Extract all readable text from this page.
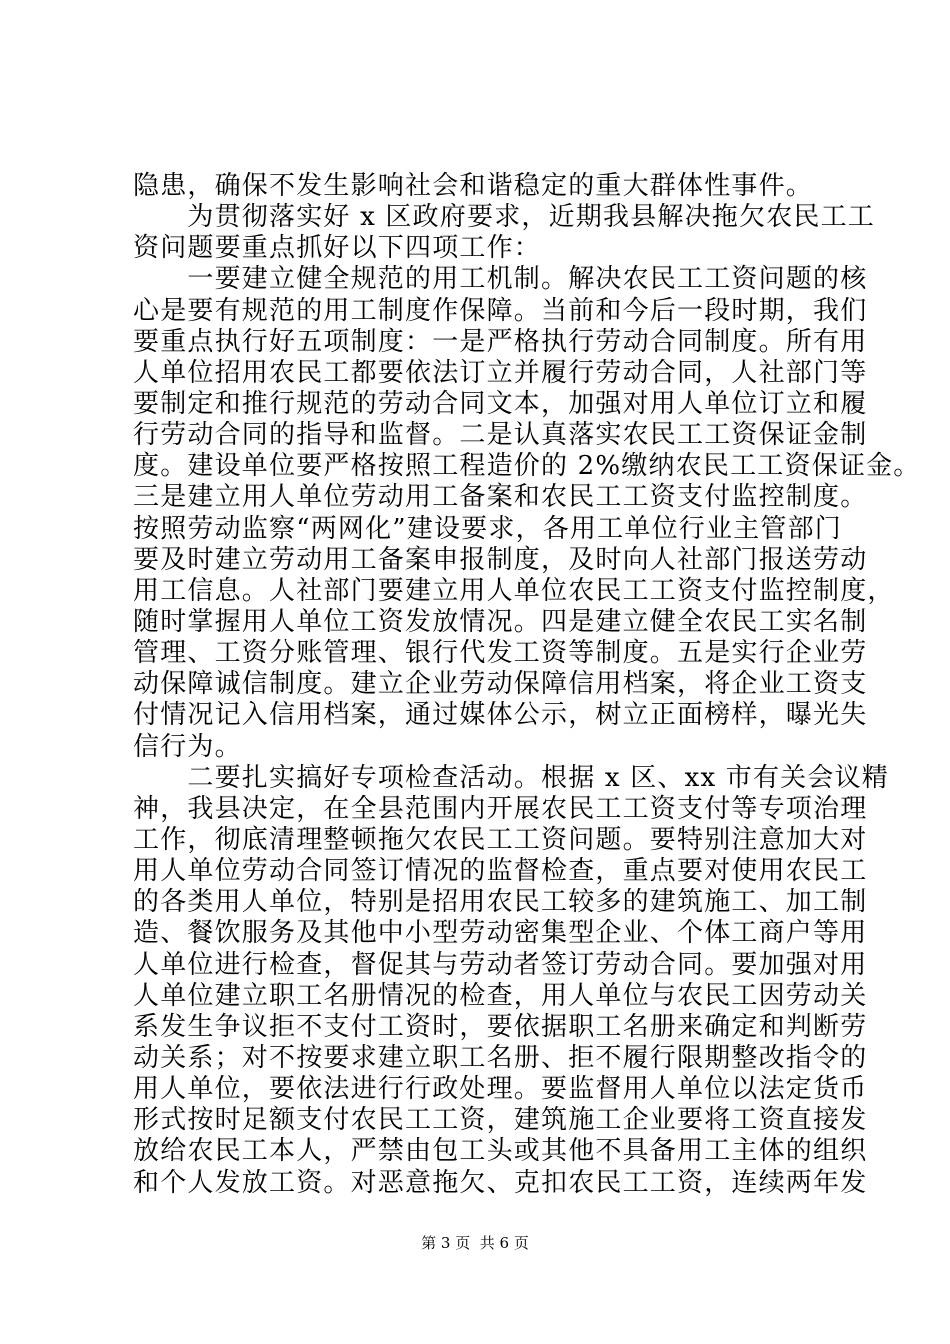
隐患，确保不发生影响社会和谐稳定的重大群体性事件。
　　为贯彻落实好 x 区政府要求，近期我县解决拖欠农民工工
资问题要重点抓好以下四项工作：
　　一要建立健全规范的用工机制。解决农民工工资问题的核
心是要有规范的用工制度作保障。当前和今后一段时期，我们
要重点执行好五项制度：一是严格执行劳动合同制度。所有用
人单位招用农民工都要依法订立并履行劳动合同，人社部门等
要制定和推行规范的劳动合同文本，加强对用人单位订立和履
行劳动合同的指导和监督。二是认真落实农民工工资保证金制
度。建设单位要严格按照工程造价的 2%缴纳农民工工资保证金。
三是建立用人单位劳动用工备案和农民工工资支付监控制度。
按照劳动监察“两网化”建设要求，各用工单位行业主管部门
要及时建立劳动用工备案申报制度，及时向人社部门报送劳动
用工信息。人社部门要建立用人单位农民工工资支付监控制度，
随时掌握用人单位工资发放情况。四是建立健全农民工实名制
管理、工资分账管理、银行代发工资等制度。五是实行企业劳
动保障诚信制度。建立企业劳动保障信用档案，将企业工资支
付情况记入信用档案，通过媒体公示，树立正面榜样，曝光失
信行为。
　　二要扎实搞好专项检查活动。根据 x 区、xx 市有关会议精
神，我县决定，在全县范围内开展农民工工资支付等专项治理
工作，彻底清理整顿拖欠农民工工资问题。要特别注意加大对
用人单位劳动合同签订情况的监督检查，重点要对使用农民工
的各类用人单位，特别是招用农民工较多的建筑施工、加工制
造、餐饮服务及其他中小型劳动密集型企业、个体工商户等用
人单位进行检查，督促其与劳动者签订劳动合同。要加强对用
人单位建立职工名册情况的检查，用人单位与农民工因劳动关
系发生争议拒不支付工资时，要依据职工名册来确定和判断劳
动关系；对不按要求建立职工名册、拒不履行限期整改指令的
用人单位，要依法进行行政处理。要监督用人单位以法定货币
形式按时足额支付农民工工资，建筑施工企业要将工资直接发
放给农民工本人，严禁由包工头或其他不具备用工主体的组织
和个人发放工资。对恶意拖欠、克扣农民工工资，连续两年发
第 3 页  共 6 页
